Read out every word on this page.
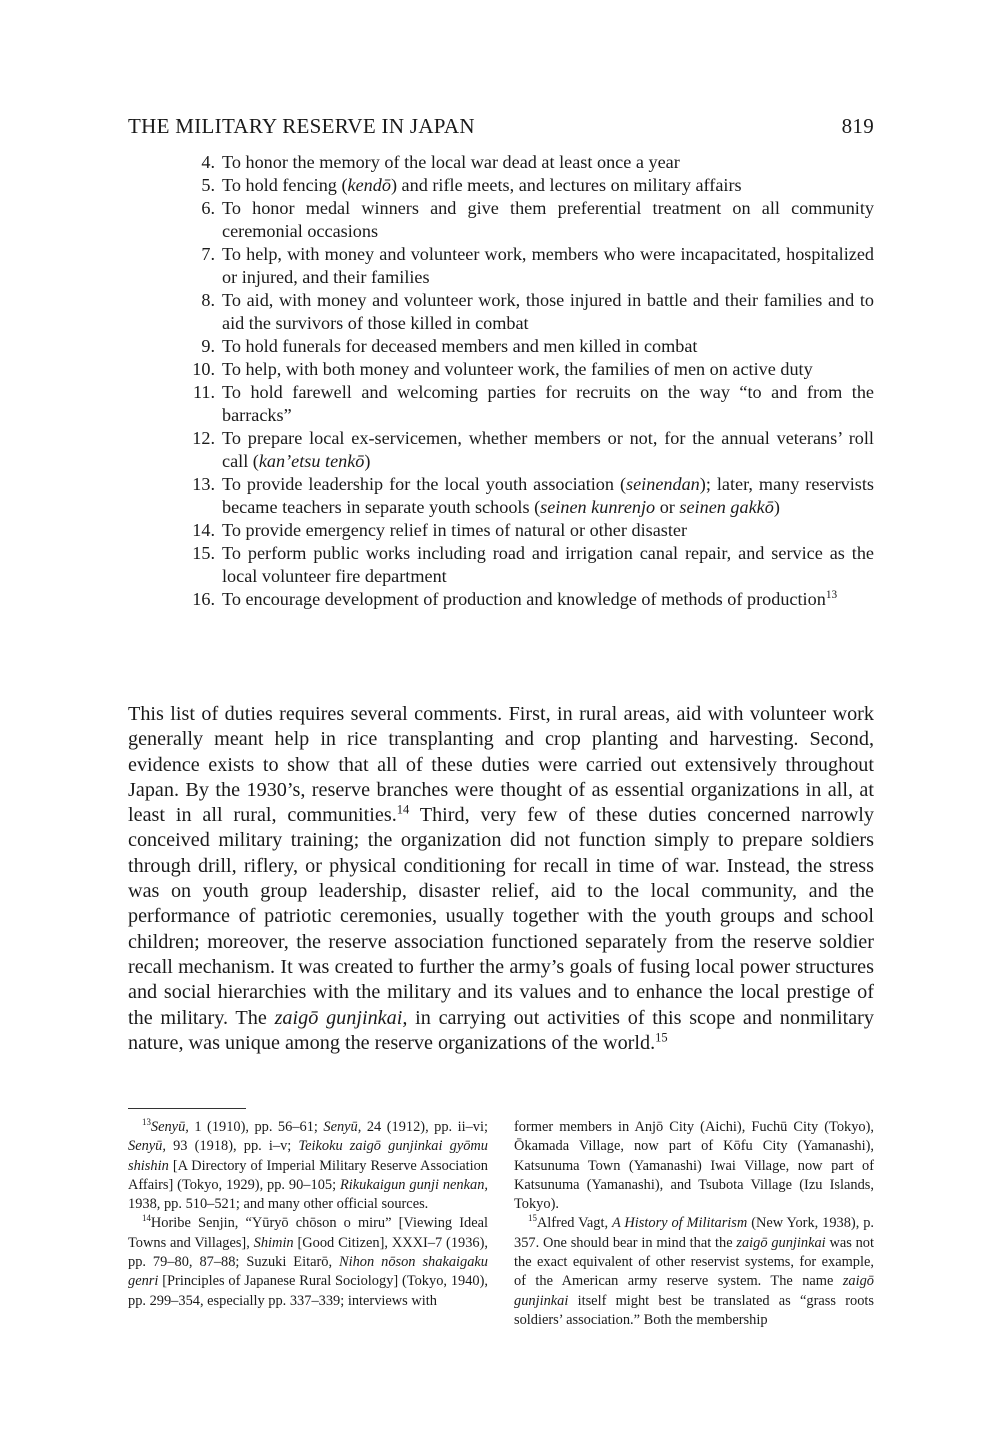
THE MILITARY RESERVE IN JAPAN	819
4. To honor the memory of the local war dead at least once a year
5. To hold fencing (kendō) and rifle meets, and lectures on military affairs
6. To honor medal winners and give them preferential treatment on all community ceremonial occasions
7. To help, with money and volunteer work, members who were incapacitated, hospitalized or injured, and their families
8. To aid, with money and volunteer work, those injured in battle and their families and to aid the survivors of those killed in combat
9. To hold funerals for deceased members and men killed in combat
10. To help, with both money and volunteer work, the families of men on active duty
11. To hold farewell and welcoming parties for recruits on the way “to and from the barracks”
12. To prepare local ex-servicemen, whether members or not, for the annual veterans’ roll call (kan’etsu tenkō)
13. To provide leadership for the local youth association (seinendan); later, many reservists became teachers in separate youth schools (seinen kunrenjo or seinen gakkō)
14. To provide emergency relief in times of natural or other disaster
15. To perform public works including road and irrigation canal repair, and service as the local volunteer fire department
16. To encourage development of production and knowledge of methods of production$^{13}$

This list of duties requires several comments. First, in rural areas, aid with volunteer work generally meant help in rice transplanting and crop planting and harvesting. Second, evidence exists to show that all of these duties were carried out extensively throughout Japan. By the 1930’s, reserve branches were thought of as essential organizations in all, at least in all rural, communities.$^{14}$ Third, very few of these duties concerned narrowly conceived military training; the organization did not function simply to prepare soldiers through drill, riflery, or physical conditioning for recall in time of war. Instead, the stress was on youth group leadership, disaster relief, aid to the local community, and the performance of patriotic ceremonies, usually together with the youth groups and school children; moreover, the reserve association functioned separately from the reserve soldier recall mechanism. It was created to further the army’s goals of fusing local power structures and social hierarchies with the military and its values and to enhance the local prestige of the military. The zaigō gunjinkai, in carrying out activities of this scope and nonmilitary nature, was unique among the reserve organizations of the world.$^{15}$

$^{13}$Senyū, 1 (1910), pp. 56–61; Senyū, 24 (1912), pp. ii–vi; Senyū, 93 (1918), pp. i–v; Teikoku zaigō gunjinkai gyōmu shishin [A Directory of Imperial Military Reserve Association Affairs] (Tokyo, 1929), pp. 90–105; Rikukaigun gunji nenkan, 1938, pp. 510–521; and many other official sources.

$^{14}$Horibe Senjin, “Yūryō chōson o miru” [Viewing Ideal Towns and Villages], Shimin [Good Citizen], XXXI–7 (1936), pp. 79–80, 87–88; Suzuki Eitarō, Nihon nōson shakaigaku genri [Principles of Japanese Rural Sociology] (Tokyo, 1940), pp. 299–354, especially pp. 337–339; interviews with

former members in Anjō City (Aichi), Fuchū City (Tokyo), Ōkamada Village, now part of Kōfu City (Yamanashi), Katsunuma Town (Yamanashi) Iwai Village, now part of Katsunuma (Yamanashi), and Tsubota Village (Izu Islands, Tokyo).

$^{15}$Alfred Vagt, A History of Militarism (New York, 1938), p. 357. One should bear in mind that the zaigō gunjinkai was not the exact equivalent of other reservist systems, for example, of the American army reserve system. The name zaigō gunjinkai itself might best be translated as “grass roots soldiers’ association.” Both the membership
